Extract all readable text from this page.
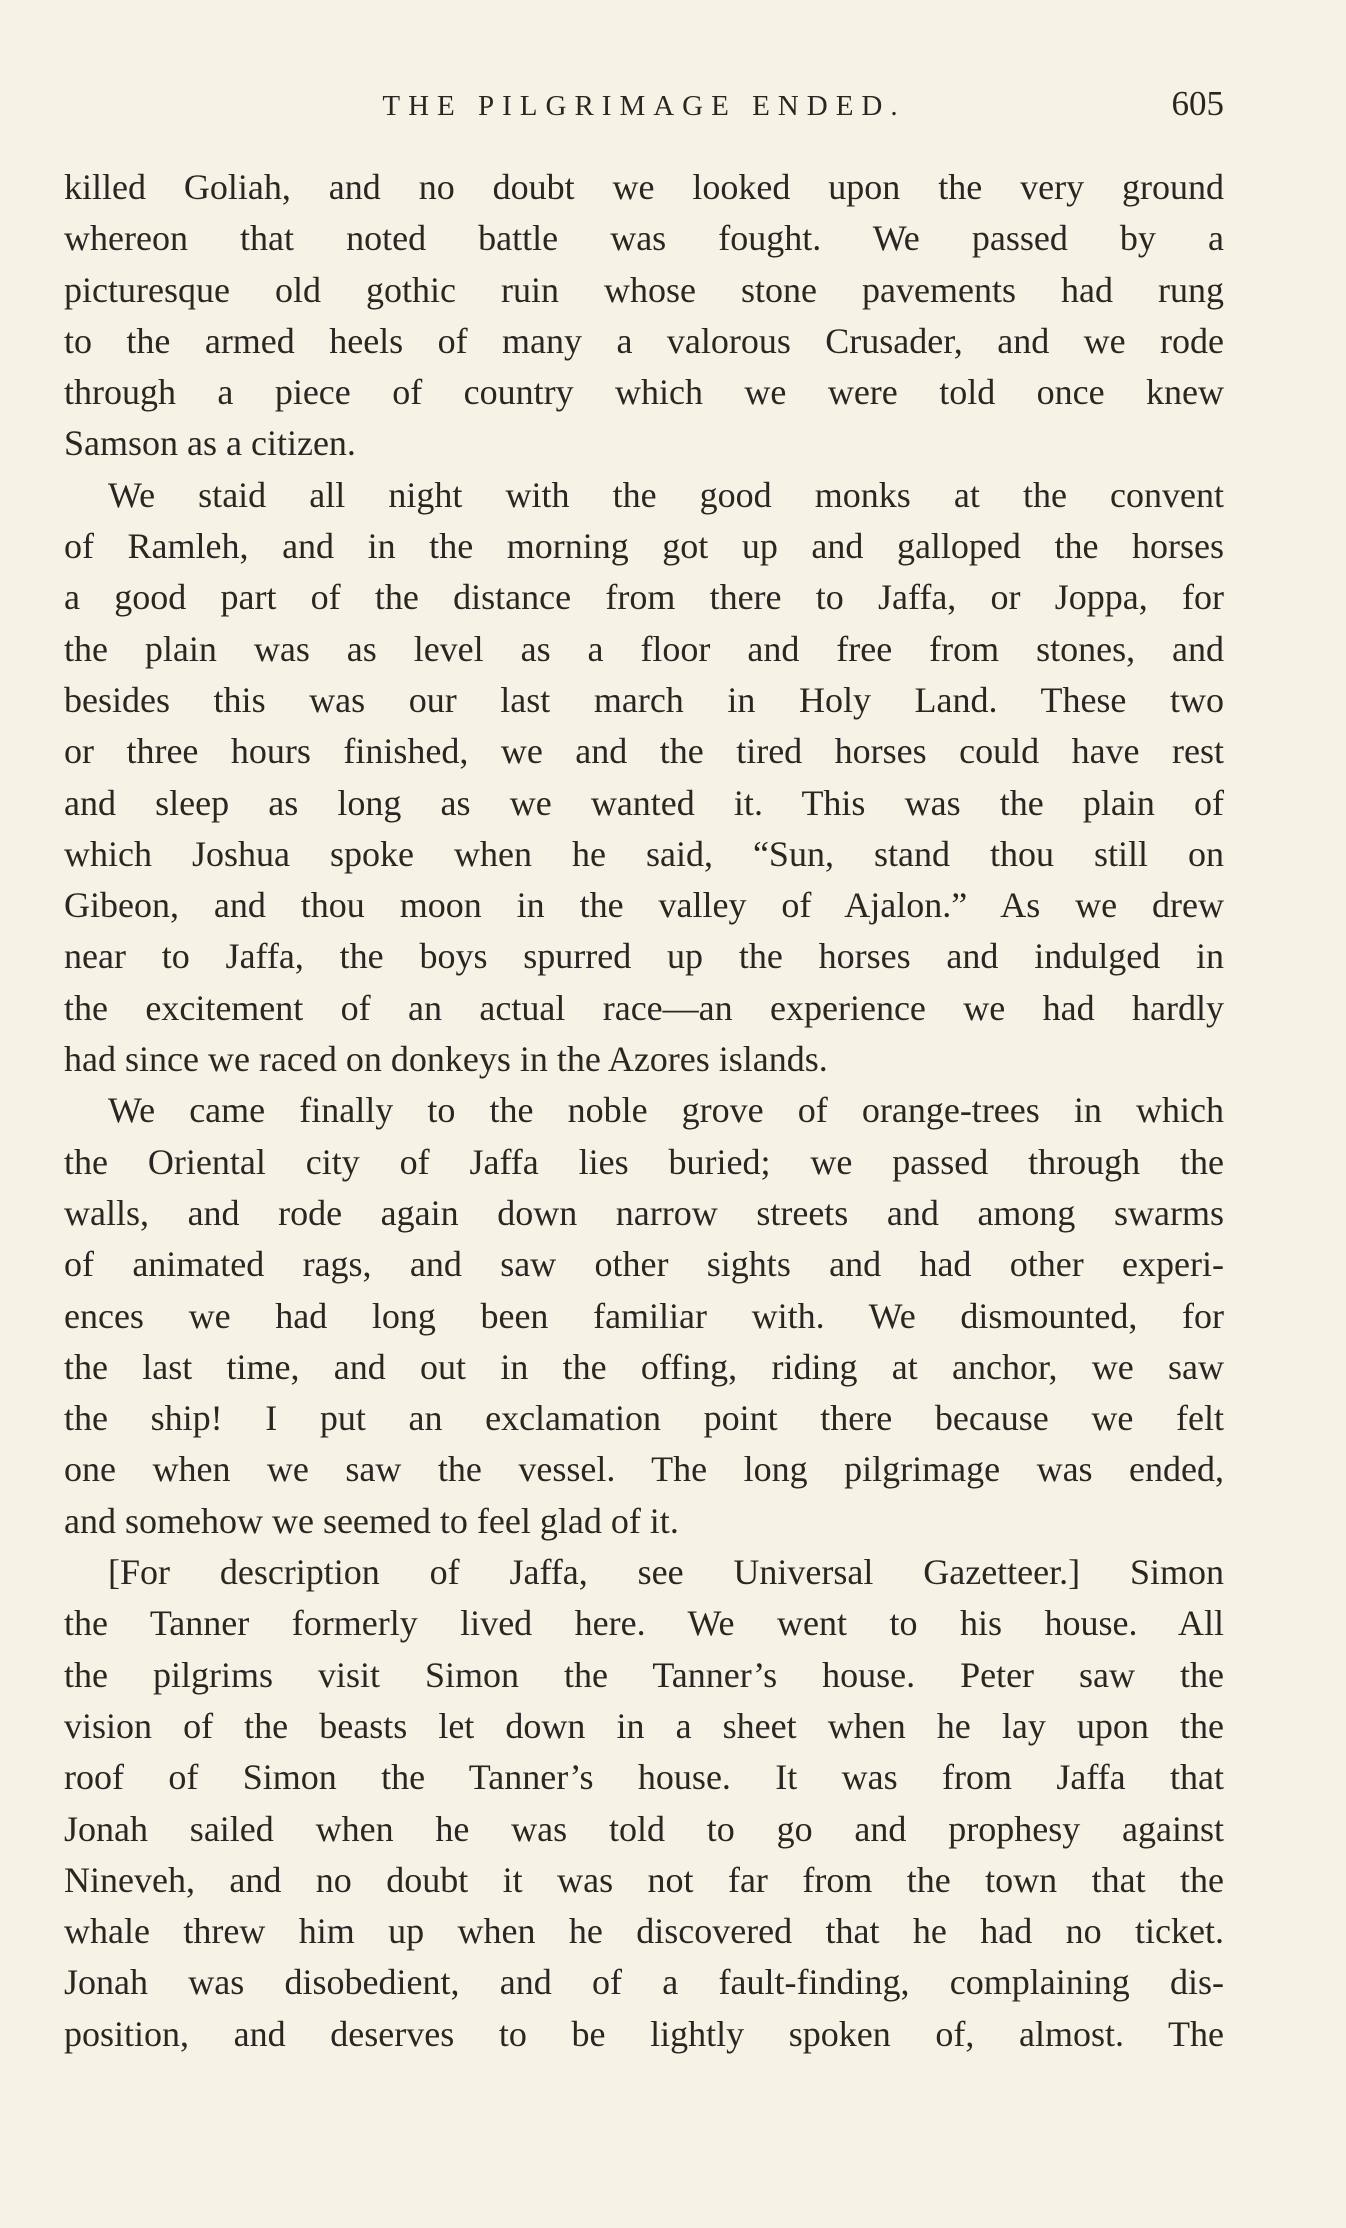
THE PILGRIMAGE ENDED.	605
killed Goliah, and no doubt we looked upon the very ground
whereon that noted battle was fought. We passed by a
picturesque old gothic ruin whose stone pavements had rung
to the armed heels of many a valorous Crusader, and we rode
through a piece of country which we were told once knew
Samson as a citizen.
We staid all night with the good monks at the convent
of Ramleh, and in the morning got up and galloped the horses
a good part of the distance from there to Jaffa, or Joppa, for
the plain was as level as a floor and free from stones, and
besides this was our last march in Holy Land. These two
or three hours finished, we and the tired horses could have rest
and sleep as long as we wanted it. This was the plain of
which Joshua spoke when he said, “Sun, stand thou still on
Gibeon, and thou moon in the valley of Ajalon.” As we drew
near to Jaffa, the boys spurred up the horses and indulged in
the excitement of an actual race—an experience we had hardly
had since we raced on donkeys in the Azores islands.
We came finally to the noble grove of orange-trees in which
the Oriental city of Jaffa lies buried; we passed through the
walls, and rode again down narrow streets and among swarms
of animated rags, and saw other sights and had other experi-
ences we had long been familiar with. We dismounted, for
the last time, and out in the offing, riding at anchor, we saw
the ship! I put an exclamation point there because we felt
one when we saw the vessel. The long pilgrimage was ended,
and somehow we seemed to feel glad of it.
[For description of Jaffa, see Universal Gazetteer.] Simon
the Tanner formerly lived here. We went to his house. All
the pilgrims visit Simon the Tanner’s house. Peter saw the
vision of the beasts let down in a sheet when he lay upon the
roof of Simon the Tanner’s house. It was from Jaffa that
Jonah sailed when he was told to go and prophesy against
Nineveh, and no doubt it was not far from the town that the
whale threw him up when he discovered that he had no ticket.
Jonah was disobedient, and of a fault-finding, complaining dis-
position, and deserves to be lightly spoken of, almost. The
